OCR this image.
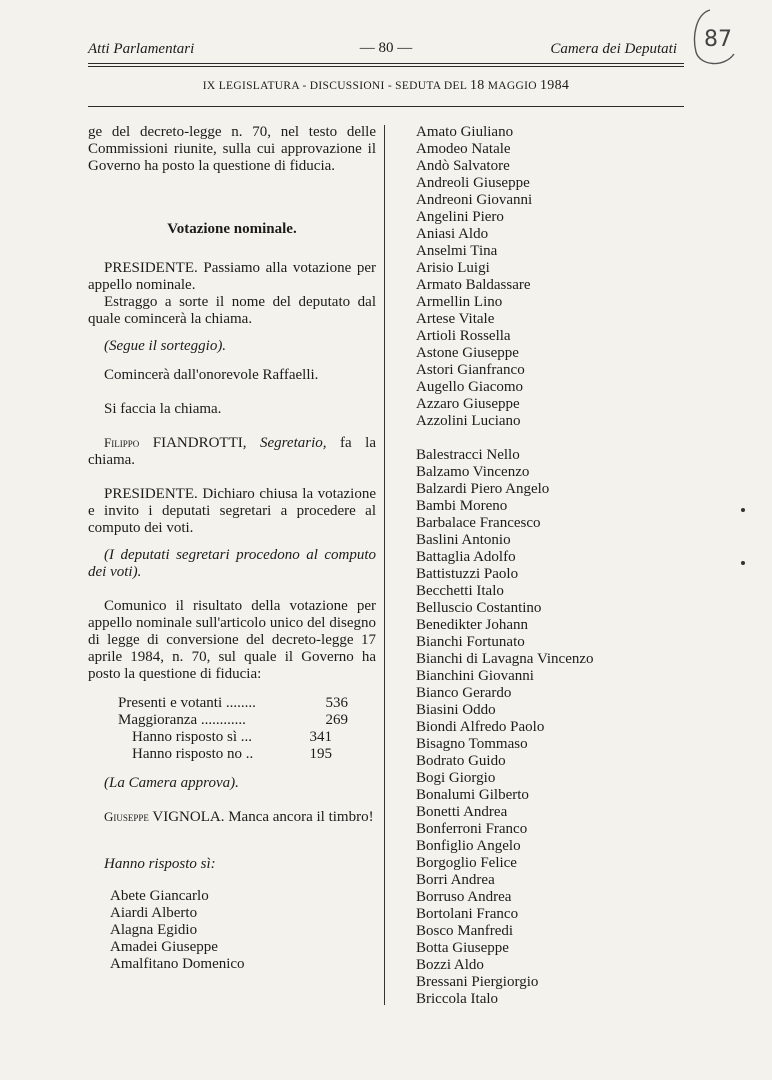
Atti Parlamentari	— 80 —	Camera dei Deputati 87
IX LEGISLATURA - DISCUSSIONI - SEDUTA DEL 18 MAGGIO 1984

ge del decreto-legge n. 70, nel testo delle Commissioni riunite, sulla cui approvazione il Governo ha posto la questione di fiducia.

Votazione nominale.

PRESIDENTE. Passiamo alla votazione per appello nominale.

Estraggo a sorte il nome del deputato dal quale comincerà la chiama.

(Segue il sorteggio).

Comincerà dall'onorevole Raffaelli.

Si faccia la chiama.

Filippo FIANDROTTI, Segretario, fa la chiama.

PRESIDENTE. Dichiaro chiusa la votazione e invito i deputati segretari a procedere al computo dei voti.

(I deputati segretari procedono al computo dei voti).

Comunico il risultato della votazione per appello nominale sull'articolo unico del disegno di legge di conversione del decreto-legge 17 aprile 1984, n. 70, sul quale il Governo ha posto la questione di fiducia:

Presenti e votanti ........	536
Maggioranza ............	269
Hanno risposto sì ...	341
Hanno risposto no ..	195

(La Camera approva).

Giuseppe VIGNOLA. Manca ancora il timbro!

Hanno risposto sì:

Abete Giancarlo
Aiardi Alberto
Alagna Egidio
Amadei Giuseppe
Amalfitano Domenico
Amato Giuliano
Amodeo Natale
Andò Salvatore
Andreoli Giuseppe
Andreoni Giovanni
Angelini Piero
Aniasi Aldo
Anselmi Tina
Arisio Luigi
Armato Baldassare
Armellin Lino
Artese Vitale
Artioli Rossella
Astone Giuseppe
Astori Gianfranco
Augello Giacomo
Azzaro Giuseppe
Azzolini Luciano
Balestracci Nello
Balzamo Vincenzo
Balzardi Piero Angelo
Bambi Moreno
Barbalace Francesco
Baslini Antonio
Battaglia Adolfo
Battistuzzi Paolo
Becchetti Italo
Belluscio Costantino
Benedikter Johann
Bianchi Fortunato
Bianchi di Lavagna Vincenzo
Bianchini Giovanni
Bianco Gerardo
Biasini Oddo
Biondi Alfredo Paolo
Bisagno Tommaso
Bodrato Guido
Bogi Giorgio
Bonalumi Gilberto
Bonetti Andrea
Bonferroni Franco
Bonfiglio Angelo
Borgoglio Felice
Borri Andrea
Borruso Andrea
Bortolani Franco
Bosco Manfredi
Botta Giuseppe
Bozzi Aldo
Bressani Piergiorgio
Briccola Italo
